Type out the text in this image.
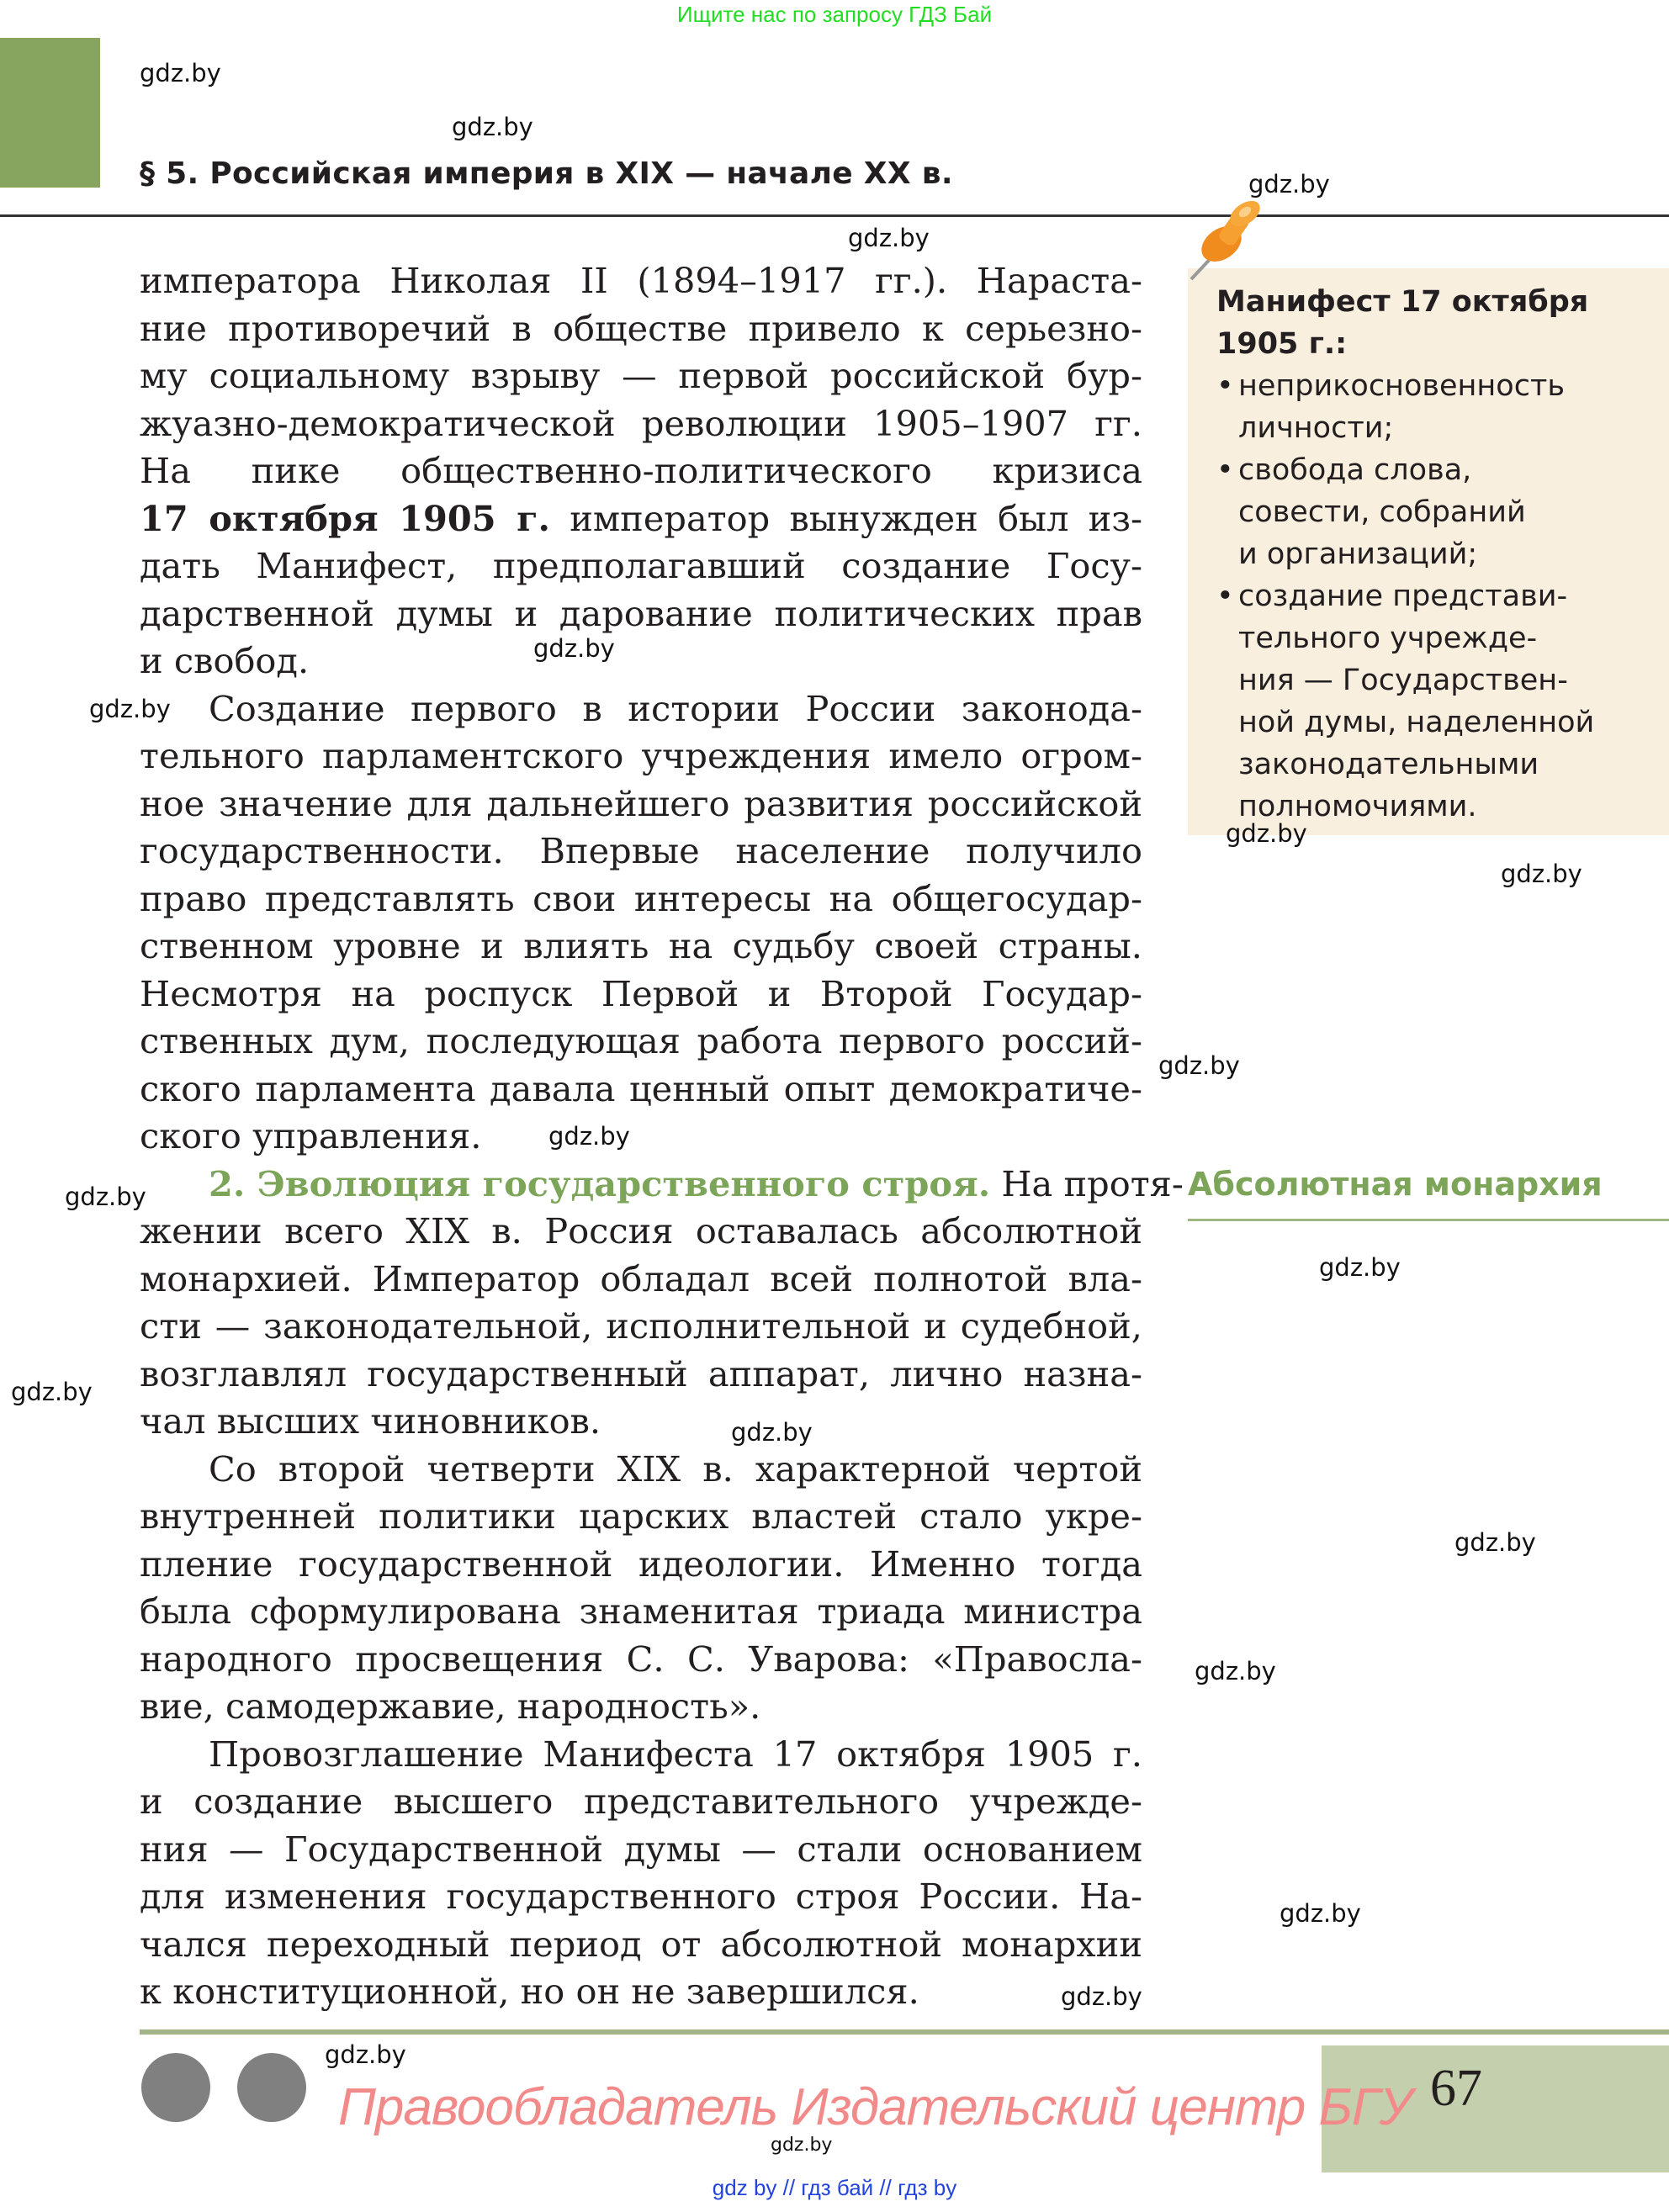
Ищите нас по запросу ГДЗ Бай
§ 5. Российская империя в XIX — начале XX в.
императора Николая II (1894–1917 гг.). Нараста-
ние противоречий в обществе привело к серьезно-
му социальному взрыву — первой российской бур-
жуазно-демократической революции 1905–1907 гг.
На пике общественно-политического кризиса
17 октября 1905 г. император вынужден был из-
дать Манифест, предполагавший создание Госу-
дарственной думы и дарование политических прав
и свобод.
Создание первого в истории России законода-
тельного парламентского учреждения имело огром-
ное значение для дальнейшего развития российской
государственности. Впервые население получило
право представлять свои интересы на общегосудар-
ственном уровне и влиять на судьбу своей страны.
Несмотря на роспуск Первой и Второй Государ-
ственных дум, последующая работа первого россий-
ского парламента давала ценный опыт демократиче-
ского управления.
2. Эволюция государственного строя. На протя-
жении всего XIX в. Россия оставалась абсолютной
монархией. Император обладал всей полнотой вла-
сти — законодательной, исполнительной и судебной,
возглавлял государственный аппарат, лично назна-
чал высших чиновников.
Со второй четверти XIX в. характерной чертой
внутренней политики царских властей стало укре-
пление государственной идеологии. Именно тогда
была сформулирована знаменитая триада министра
народного просвещения С. С. Уварова: «Правосла-
вие, самодержавие, народность».
Провозглашение Манифеста 17 октября 1905 г.
и создание высшего представительного учрежде-
ния — Государственной думы — стали основанием
для изменения государственного строя России. На-
чался переходный период от абсолютной монархии
к конституционной, но он не завершился.
Манифест 17 октября
1905 г.:
• неприкосновенность
личности;
• свобода слова,
совести, собраний
и организаций;
• создание представи-
тельного учрежде-
ния — Государствен-
ной думы, наделенной
законодательными
полномочиями.
Абсолютная монархия
67
Правообладатель Издательский центр БГУ
gdz by // гдз бай // гдз by
gdz.by
gdz.by
gdz.by
gdz.by
gdz.by
gdz.by
gdz.by
gdz.by
gdz.by
gdz.by
gdz.by
gdz.by
gdz.by
gdz.by
gdz.by
gdz.by
gdz.by
gdz.by
gdz.by
gdz.by
